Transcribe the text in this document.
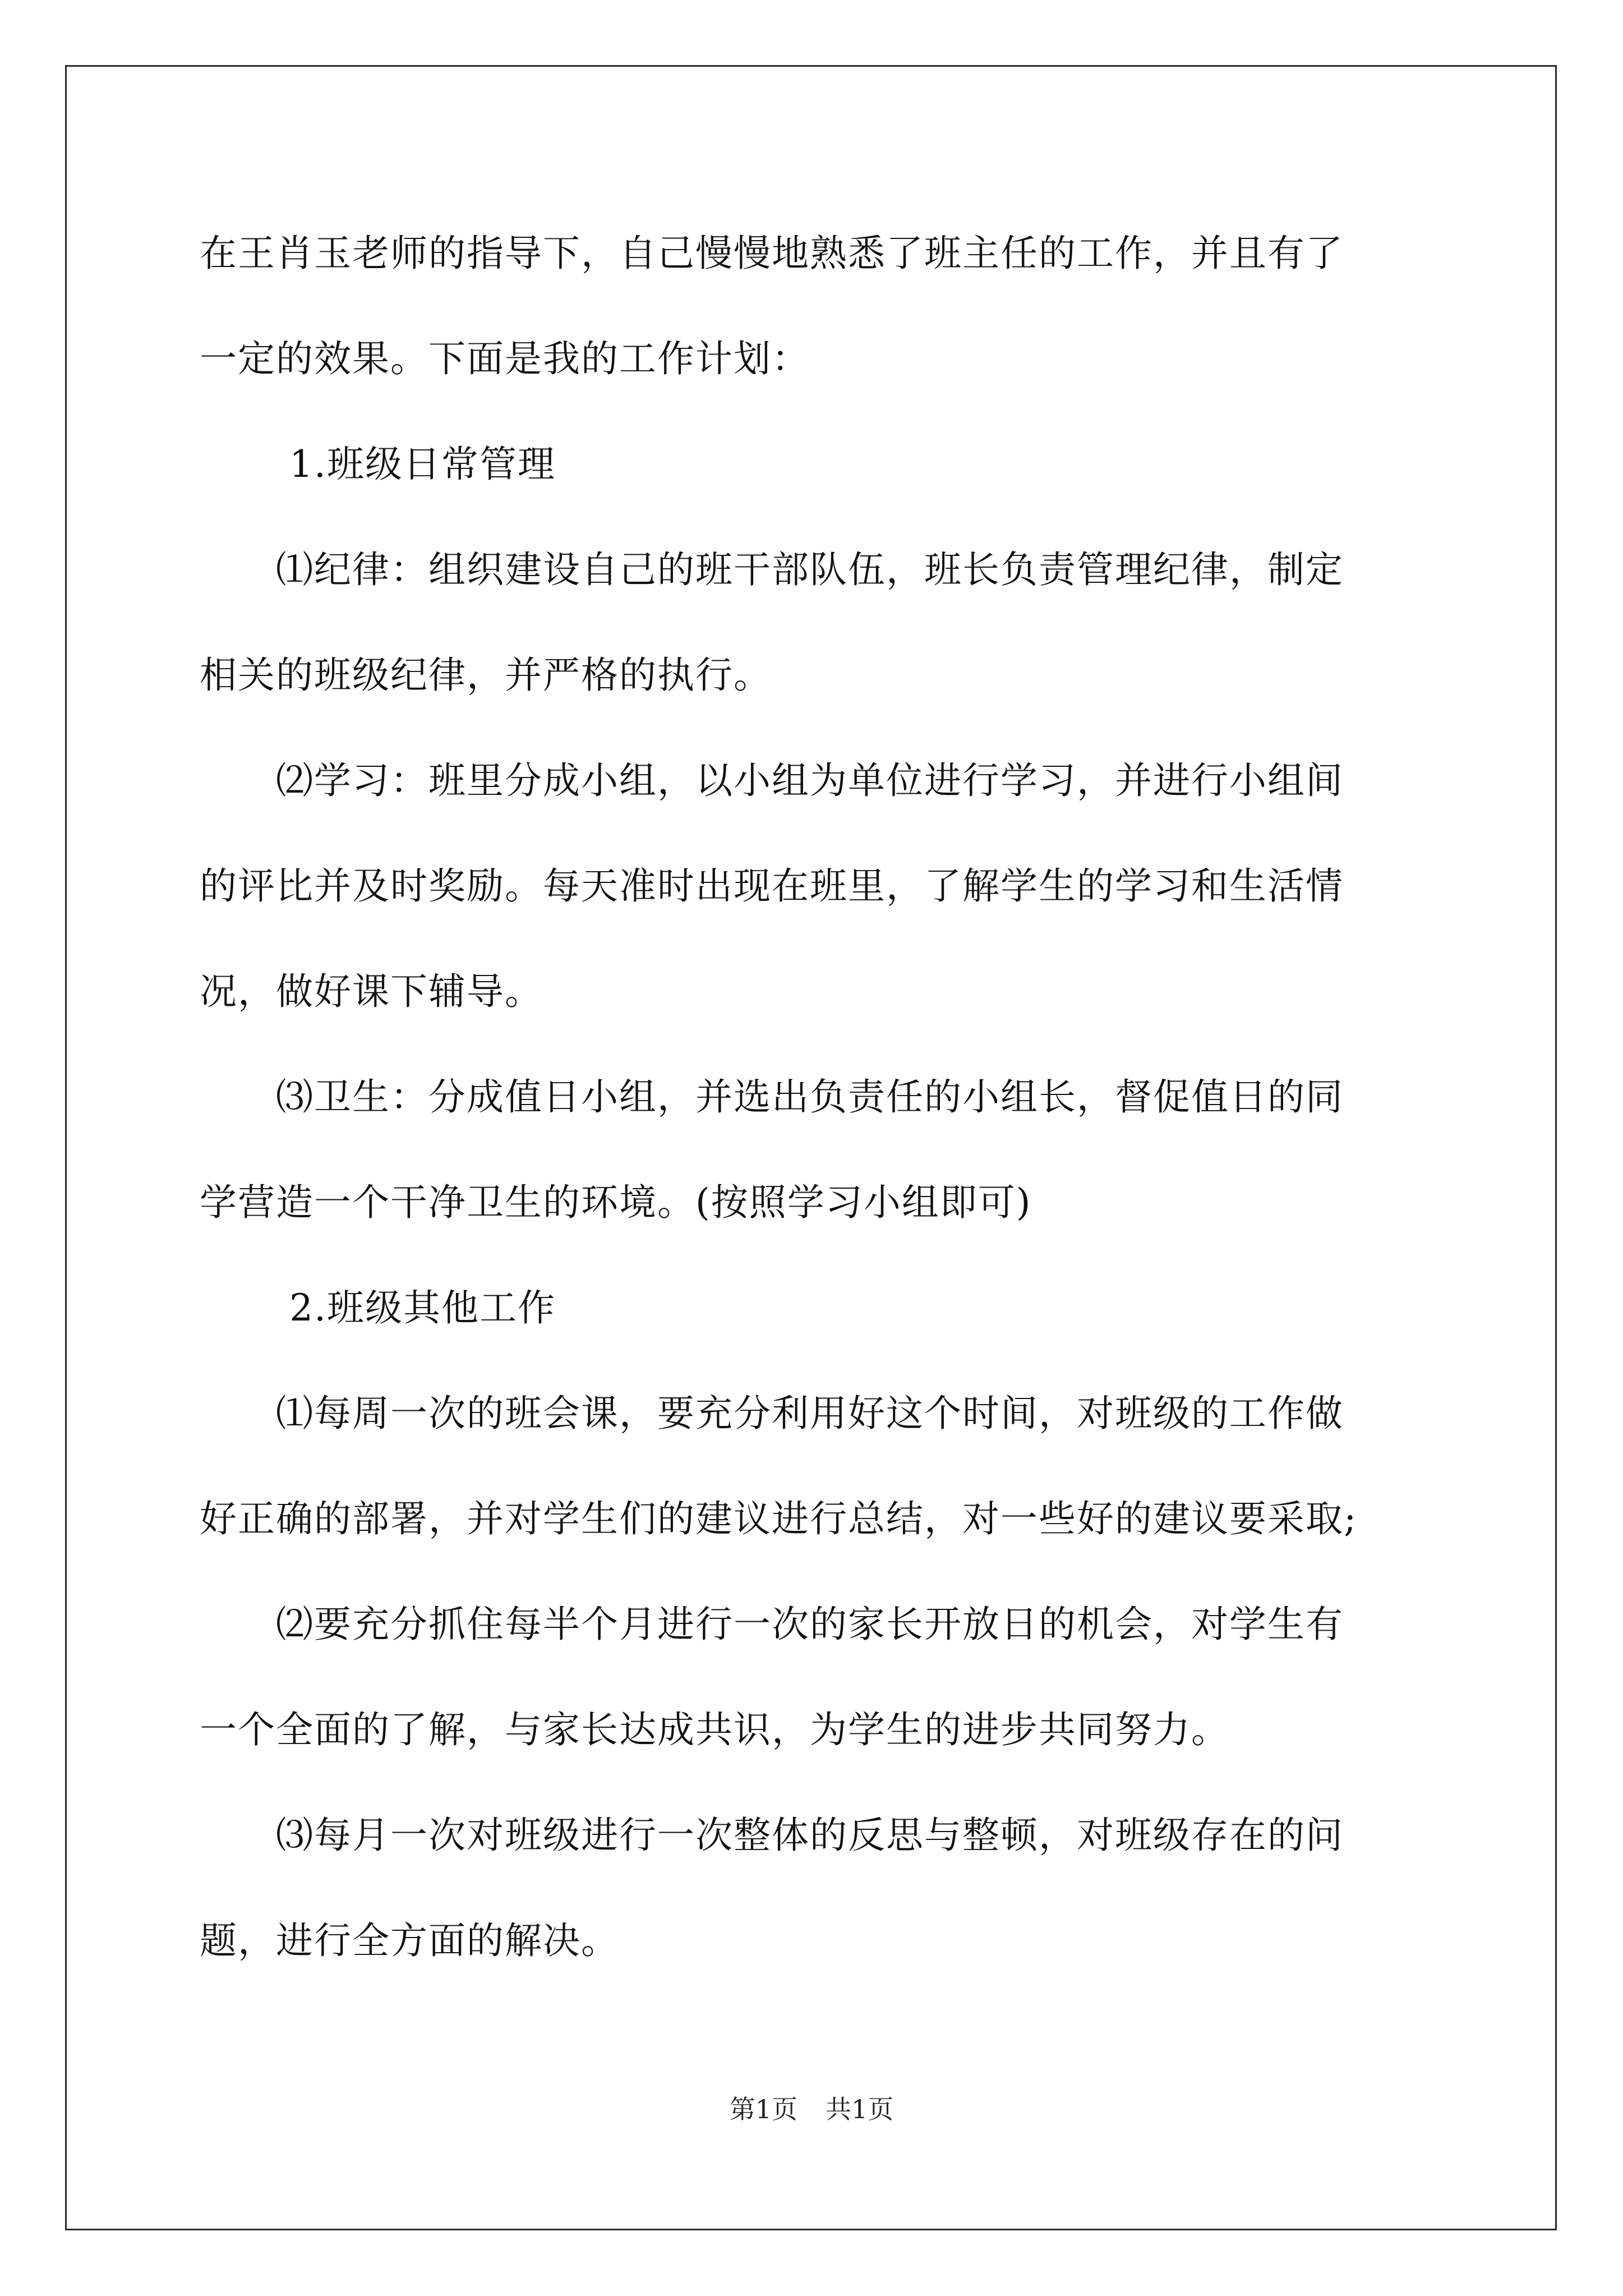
在王肖玉老师的指导下，自己慢慢地熟悉了班主任的工作，并且有了
一定的效果。下面是我的工作计划：
1.班级日常管理
⑴纪律：组织建设自己的班干部队伍，班长负责管理纪律，制定
相关的班级纪律，并严格的执行。
⑵学习：班里分成小组，以小组为单位进行学习，并进行小组间
的评比并及时奖励。每天准时出现在班里，了解学生的学习和生活情
况，做好课下辅导。
⑶卫生：分成值日小组，并选出负责任的小组长，督促值日的同
学营造一个干净卫生的环境。(按照学习小组即可)
2.班级其他工作
⑴每周一次的班会课，要充分利用好这个时间，对班级的工作做
好正确的部署，并对学生们的建议进行总结，对一些好的建议要采取;
⑵要充分抓住每半个月进行一次的家长开放日的机会，对学生有
一个全面的了解，与家长达成共识，为学生的进步共同努力。
⑶每月一次对班级进行一次整体的反思与整顿，对班级存在的问
题，进行全方面的解决。
第1页 共1页
